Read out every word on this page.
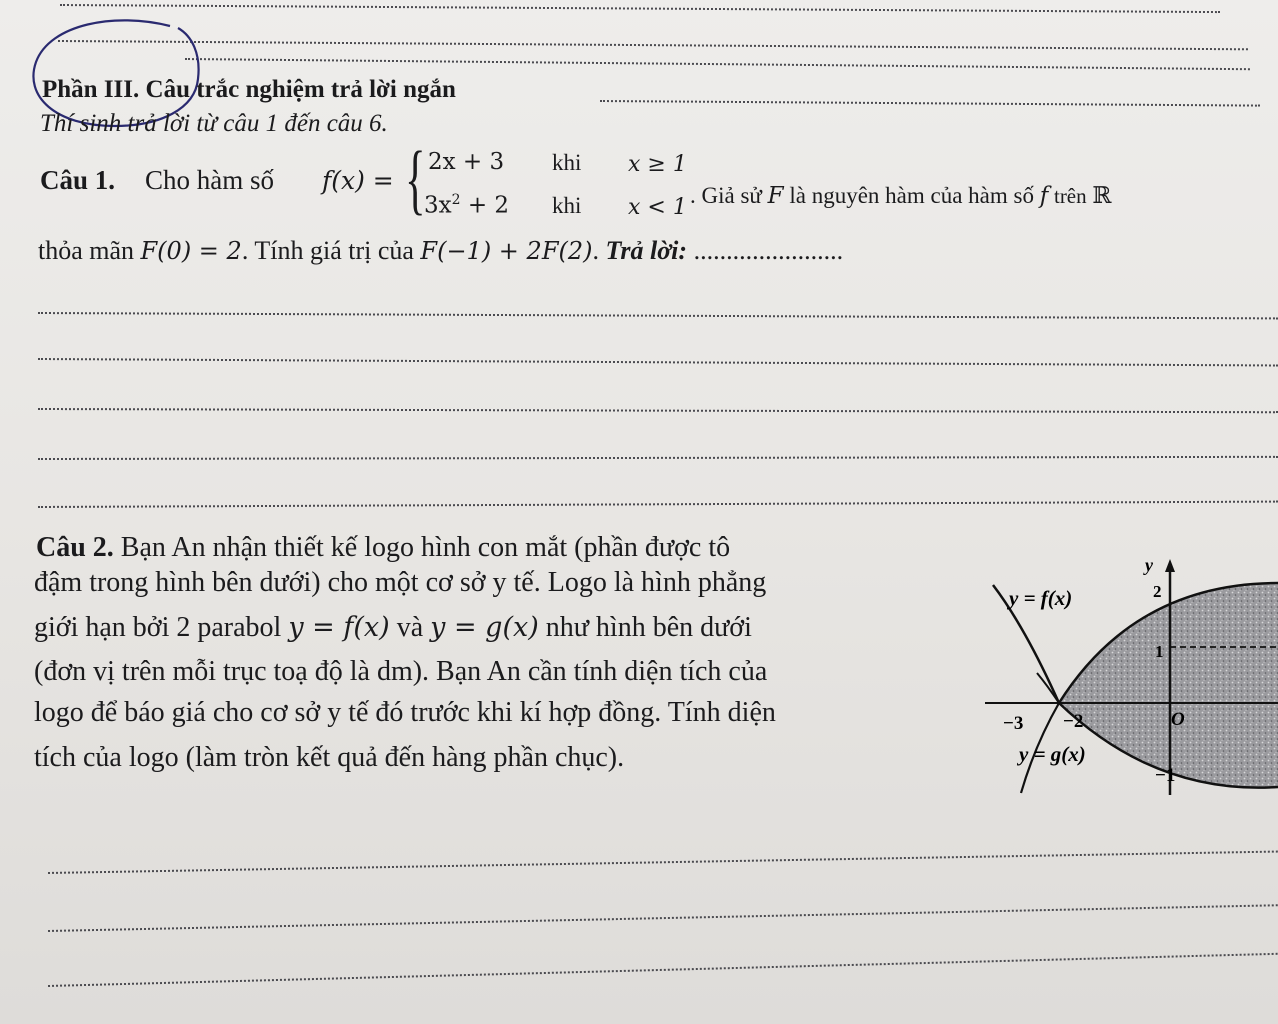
Phần III. Câu trắc nghiệm trả lời ngắn
Thí sinh trả lời từ câu 1 đến câu 6.
Câu 1. Cho hàm số f(x) = { 2x + 3 khi x ≥ 1
$3x^2 + 2$ khi x < 1 . Giả sử F là nguyên hàm của hàm số f trên ℝ
thỏa mãn F(0) = 2. Tính giá trị của F(−1) + 2F(2). Trả lời: .......................
Câu 2. Bạn An nhận thiết kế logo hình con mắt (phần được tô
đậm trong hình bên dưới) cho một cơ sở y tế. Logo là hình phẳng
giới hạn bởi 2 parabol y = f(x) và y = g(x) như hình bên dưới
(đơn vị trên mỗi trục toạ độ là dm). Bạn An cần tính diện tích của
logo để báo giá cho cơ sở y tế đó trước khi kí hợp đồng. Tính diện
tích của logo (làm tròn kết quả đến hàng phần chục).
y
y = f(x)
y = g(x)
2
1
−1
−3 −2	O
